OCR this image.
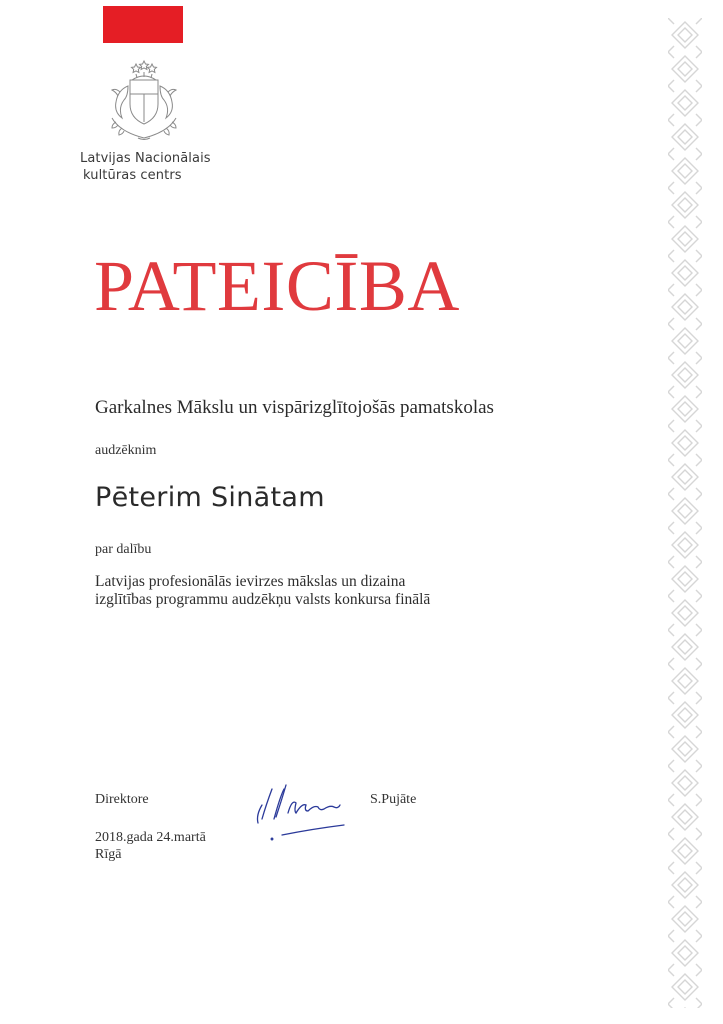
Latvijas Nacionālais
kultūras centrs
PATEICĪBA
Garkalnes Mākslu un vispārizglītojošās pamatskolas
audzēknim
Pēterim Sinātam
par dalību
Latvijas profesionālās ievirzes mākslas un dizaina
izglītības programmu audzēkņu valsts konkursa finālā
Direktore	S.Pujāte
2018.gada 24.martā
Rīgā
